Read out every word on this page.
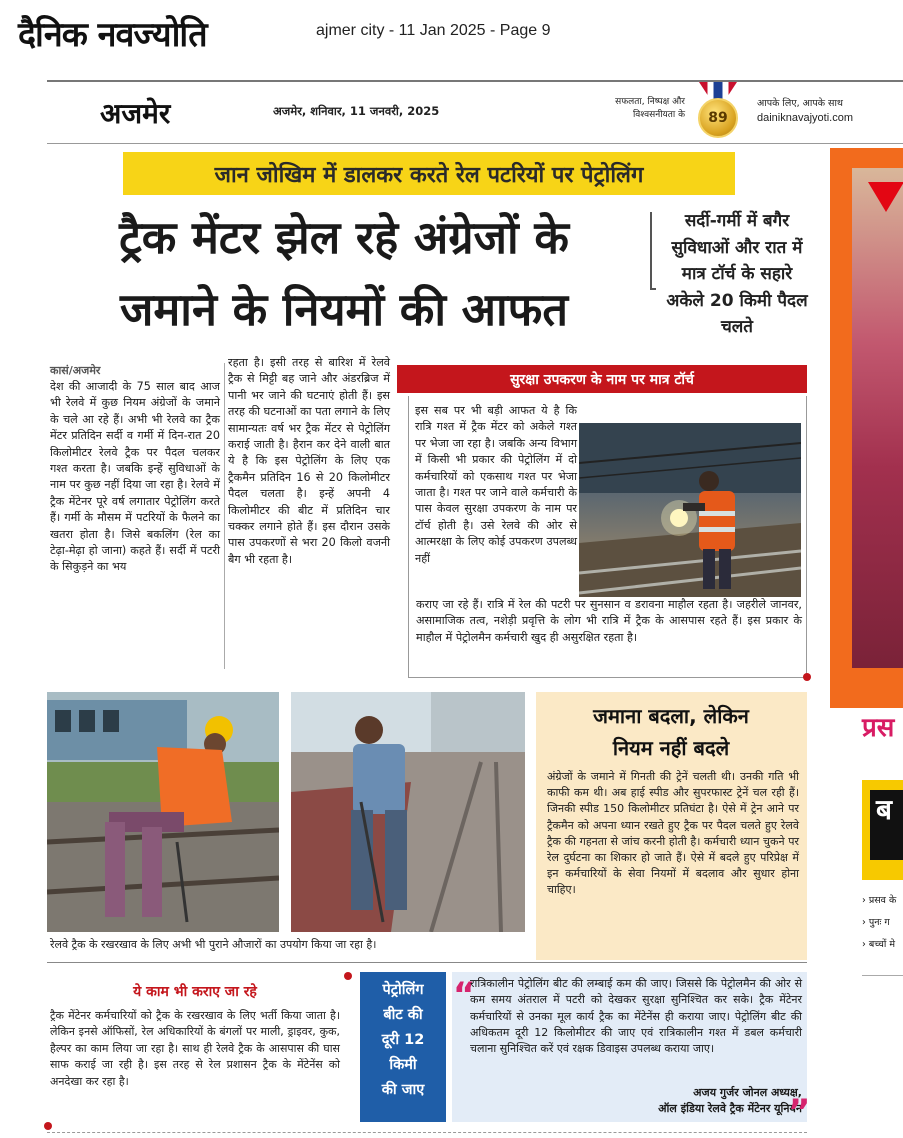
दैनिक नवज्योति	ajmer city - 11 Jan 2025 - Page 9
अजमेर	अजमेर, शनिवार, 11 जनवरी, 2025
सफलता, निष्पक्ष और
विश्वसनीयता के	89
आपके लिए, आपके साथ
dainiknavajyoti.com
जान जोखिम में डालकर करते रेल पटरियों पर पेट्रोलिंग
ट्रैक मेंटर झेल रहे अंग्रेजों के
जमाने के नियमों की आफत
सर्दी-गर्मी में बगैर सुविधाओं और रात में मात्र टॉर्च के सहारे अकेले 20 किमी पैदल चलते
कासं/अजमेर
देश की आजादी के 75 साल बाद आज भी रेलवे में कुछ नियम अंग्रेजों के जमाने के चले आ रहे हैं। अभी भी रेलवे का ट्रैक मेंटर प्रतिदिन सर्दी व गर्मी में दिन-रात 20 किलोमीटर रेलवे ट्रैक पर पैदल चलकर गश्त करता है। जबकि इन्हें सुविधाओं के नाम पर कुछ नहीं दिया जा रहा है। रेलवे में ट्रैक मेंटेनर पूरे वर्ष लगातार पेट्रोलिंग करते हैं। गर्मी के मौसम में पटरियों के फैलने का खतरा होता है। जिसे बकलिंग (रेल का टेढ़ा-मेढ़ा हो जाना) कहते हैं। सर्दी में पटरी के सिकुड़ने का भय
रहता है। इसी तरह से बारिश में रेलवे ट्रैक से मिट्टी बह जाने और अंडरब्रिज में पानी भर जाने की घटनाएं होती हैं। इस तरह की घटनाओं का पता लगाने के लिए सामान्यतः वर्ष भर ट्रैक मेंटर से पेट्रोलिंग कराई जाती है। हैरान कर देने वाली बात ये है कि इस पेट्रोलिंग के लिए एक ट्रैकमैन प्रतिदिन 16 से 20 किलोमीटर पैदल चलता है। इन्हें अपनी 4 किलोमीटर की बीट में प्रतिदिन चार चक्कर लगाने होते हैं। इस दौरान उसके पास उपकरणों से भरा 20 किलो वजनी बैग भी रहता है।
सुरक्षा उपकरण के नाम पर मात्र टॉर्च
इस सब पर भी बड़ी आफत ये है कि रात्रि गश्त में ट्रैक मेंटर को अकेले गश्त पर भेजा जा रहा है। जबकि अन्य विभाग में किसी भी प्रकार की पेट्रोलिंग में दो कर्मचारियों को एकसाथ गश्त पर भेजा जाता है। गश्त पर जाने वाले कर्मचारी के पास केवल सुरक्षा उपकरण के नाम पर टॉर्च होती है। उसे रेलवे की ओर से आत्मरक्षा के लिए कोई उपकरण उपलब्ध नहीं
कराए जा रहे हैं। रात्रि में रेल की पटरी पर सुनसान व डरावना माहौल रहता है। जहरीले जानवर, असामाजिक तत्व, नशेड़ी प्रवृत्ति के लोग भी रात्रि में ट्रैक के आसपास रहते हैं। इस प्रकार के माहौल में पेट्रोलमैन कर्मचारी खुद ही असुरक्षित रहता है।
रेलवे ट्रैक के रखरखाव के लिए अभी भी पुराने औजारों का उपयोग किया जा रहा है।
जमाना बदला, लेकिन
नियम नहीं बदले
अंग्रेजों के जमाने में गिनती की ट्रेनें चलती थी। उनकी गति भी काफी कम थी। अब हाई स्पीड और सुपरफास्ट ट्रेनें चल रही हैं। जिनकी स्पीड 150 किलोमीटर प्रतिघंटा है। ऐसे में ट्रेन आने पर ट्रैकमैन को अपना ध्यान रखते हुए ट्रैक पर पैदल चलते हुए रेलवे ट्रैक की गहनता से जांच करनी होती है। कर्मचारी ध्यान चुकने पर रेल दुर्घटना का शिकार हो जाते हैं। ऐसे में बदले हुए परिप्रेक्ष में इन कर्मचारियों के सेवा नियमों में बदलाव और सुधार होना चाहिए।
ये काम भी कराए जा रहे
ट्रैक मेंटेनर कर्मचारियों को ट्रैक के रखरखाव के लिए भर्ती किया जाता है। लेकिन इनसे ऑफिसों, रेल अधिकारियों के बंगलों पर माली, ड्राइवर, कुक, हैल्पर का काम लिया जा रहा है। साथ ही रेलवे ट्रैक के आसपास की घास साफ कराई जा रही है। इस तरह से रेल प्रशासन ट्रैक के मेंटेनेंस को अनदेखा कर रहा है।
पेट्रोलिंग
बीट की
दूरी 12
किमी
की जाए
“
रात्रिकालीन पेट्रोलिंग बीट की लम्बाई कम की जाए। जिससे कि पेट्रोलमैन की ओर से कम समय अंतराल में पटरी को देखकर सुरक्षा सुनिश्चित कर सके। ट्रैक मेंटेनर कर्मचारियों से उनका मूल कार्य ट्रैक का मेंटेनेंस ही कराया जाए। पेट्रोलिंग बीट की अधिकतम दूरी 12 किलोमीटर की जाए एवं रात्रिकालीन गश्त में डबल कर्मचारी चलाना सुनिश्चित करें एवं रक्षक डिवाइस उपलब्ध कराया जाए।
अजय गुर्जर जोनल अध्यक्ष,
ऑल इंडिया रेलवे ट्रैक मेंटेनर यूनियन
”
प्रस
ब
› प्रसव के
› पुनः ग
› बच्चों मे
